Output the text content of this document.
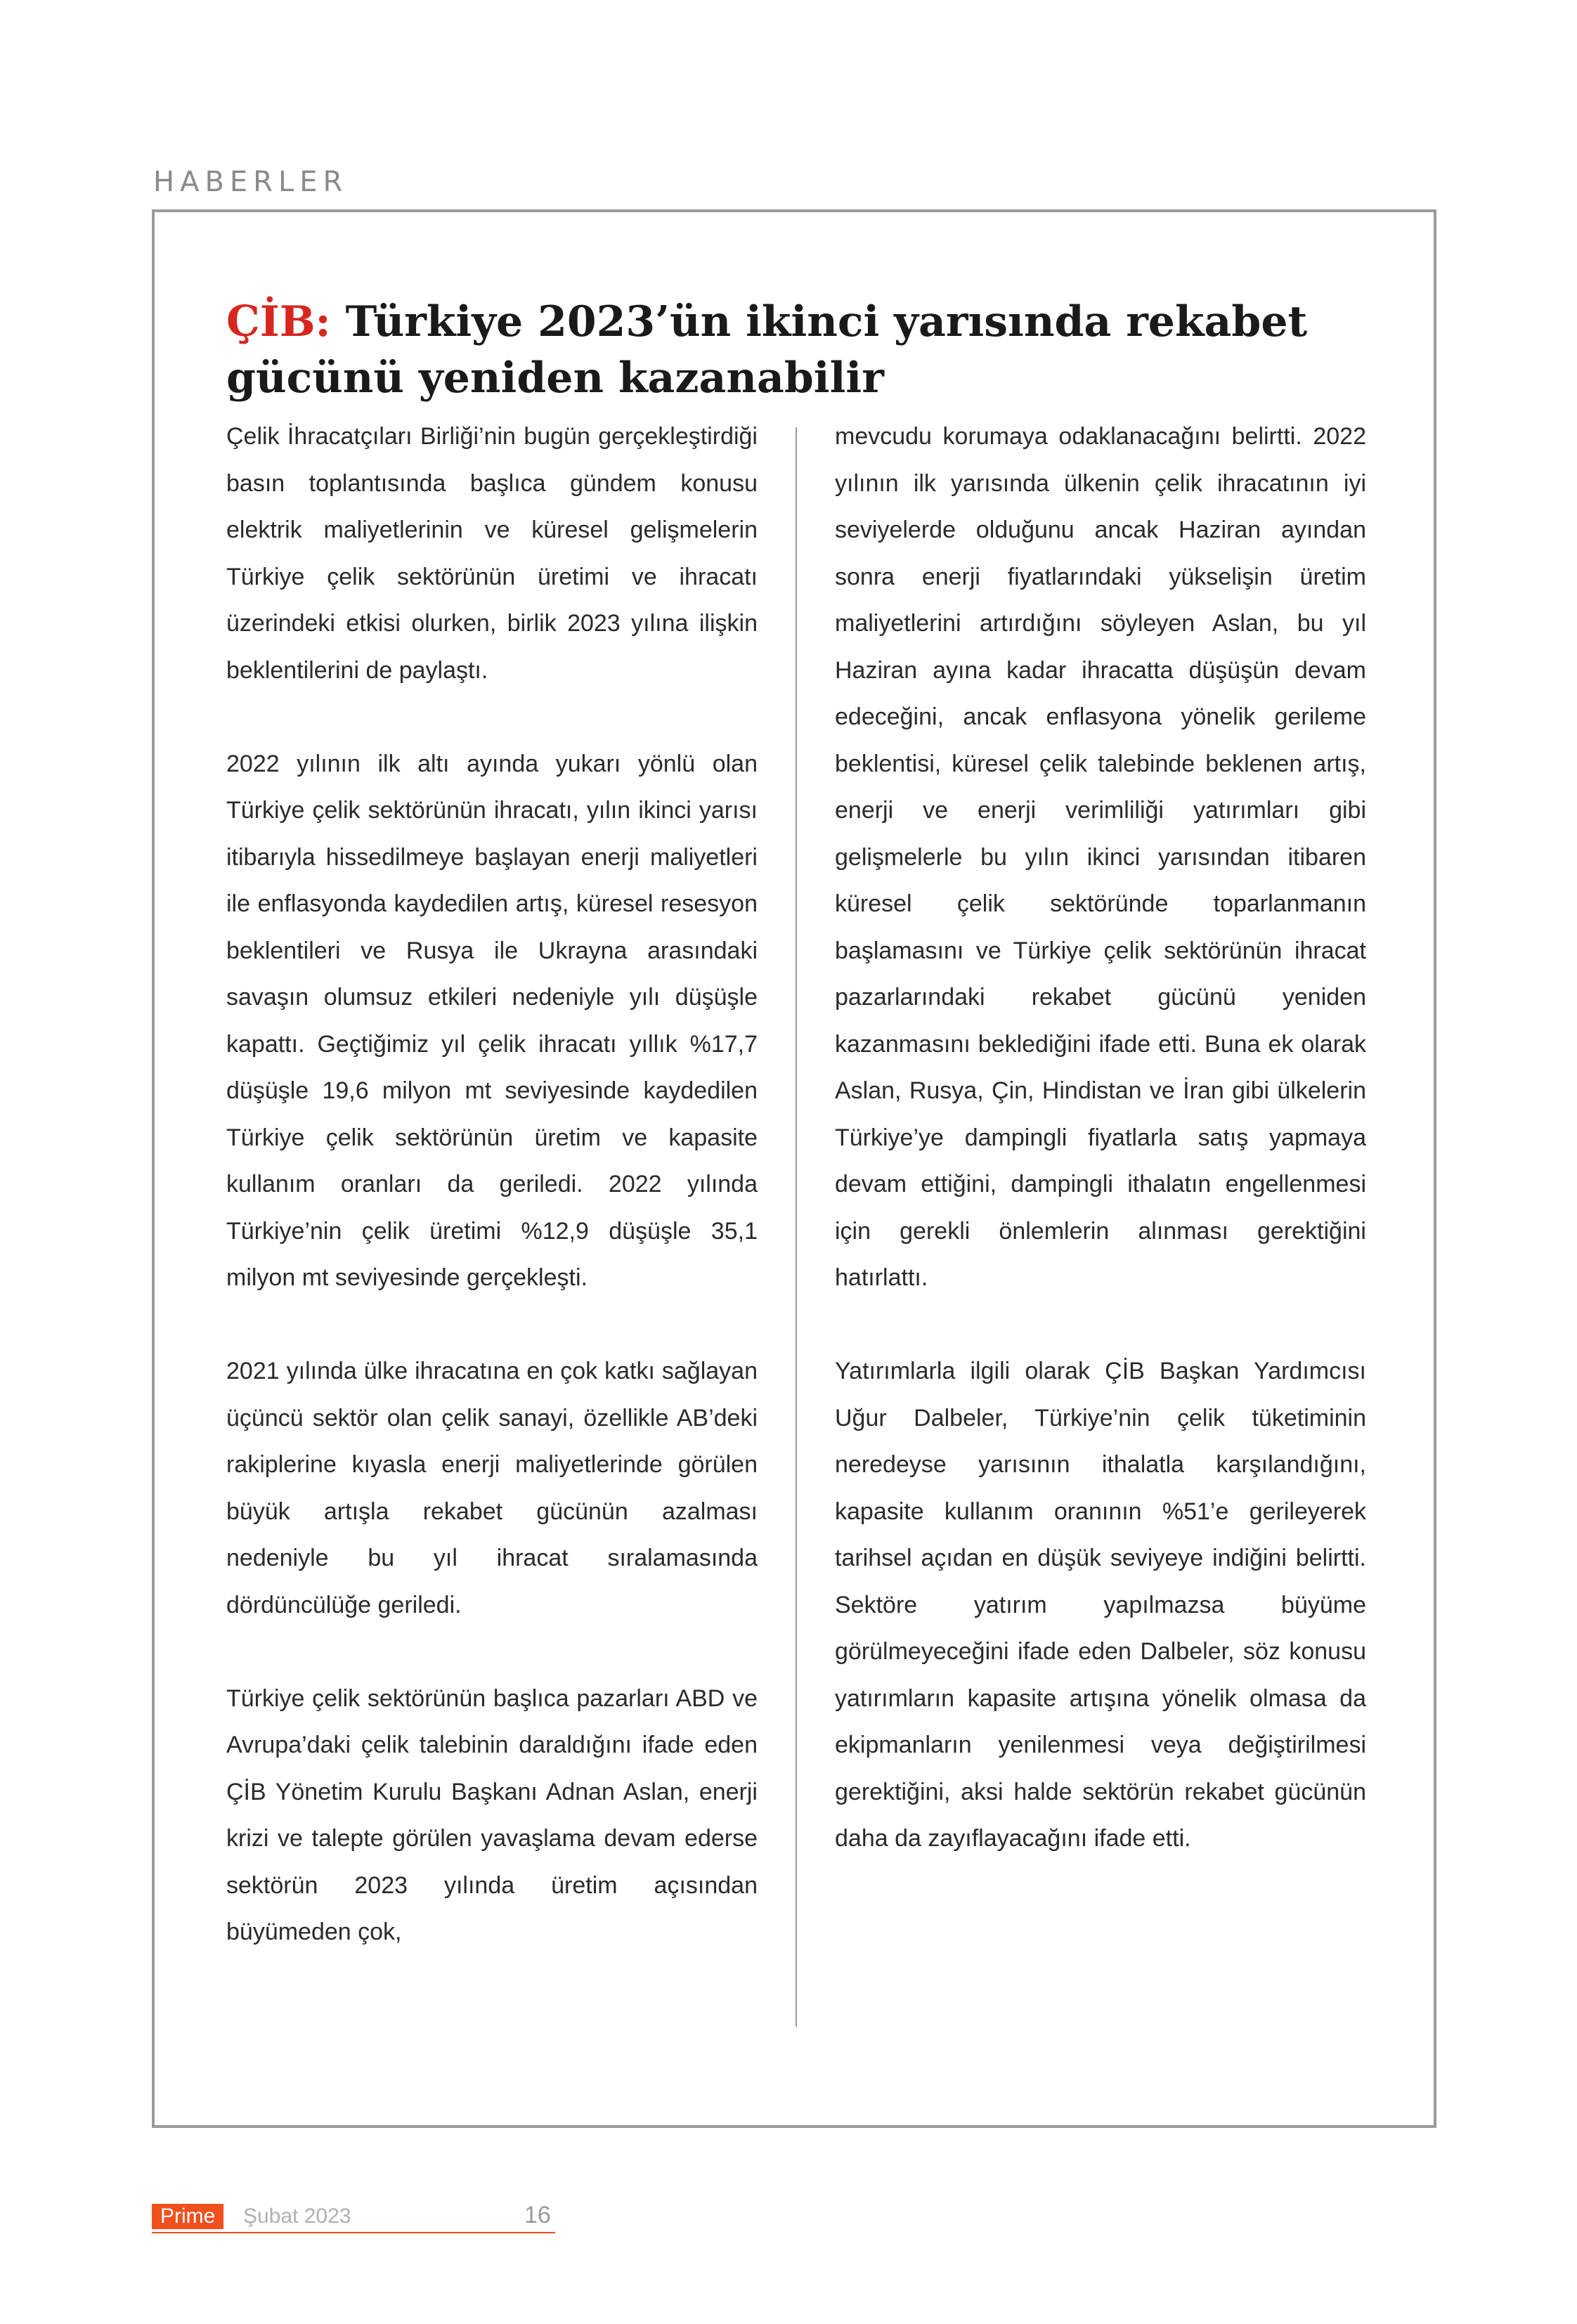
HABERLER
ÇİB: Türkiye 2023’ün ikinci yarısında rekabet gücünü yeniden kazanabilir

Çelik İhracatçıları Birliği’nin bugün gerçekleştirdiği basın toplantısında başlıca gündem konusu elektrik maliyetlerinin ve küresel gelişmelerin Türkiye çelik sektörünün üretimi ve ihracatı üzerindeki etkisi olurken, birlik 2023 yılına ilişkin beklentilerini de paylaştı.

2022 yılının ilk altı ayında yukarı yönlü olan Türkiye çelik sektörünün ihracatı, yılın ikinci yarısı itibarıyla hissedilmeye başlayan enerji maliyetleri ile enflasyonda kaydedilen artış, küresel resesyon beklentileri ve Rusya ile Ukrayna arasındaki savaşın olumsuz etkileri nedeniyle yılı düşüşle kapattı. Geçtiğimiz yıl çelik ihracatı yıllık %17,7 düşüşle 19,6 milyon mt seviyesinde kaydedilen Türkiye çelik sektörünün üretim ve kapasite kullanım oranları da geriledi. 2022 yılında Türkiye’nin çelik üretimi %12,9 düşüşle 35,1 milyon mt seviyesinde gerçekleşti.

2021 yılında ülke ihracatına en çok katkı sağlayan üçüncü sektör olan çelik sanayi, özellikle AB’deki rakiplerine kıyasla enerji maliyetlerinde görülen büyük artışla rekabet gücünün azalması nedeniyle bu yıl ihracat sıralamasında dördüncülüğe geriledi.

Türkiye çelik sektörünün başlıca pazarları ABD ve Avrupa’daki çelik talebinin daraldığını ifade eden ÇİB Yönetim Kurulu Başkanı Adnan Aslan, enerji krizi ve talepte görülen yavaşlama devam ederse sektörün 2023 yılında üretim açısından büyümeden çok,

mevcudu korumaya odaklanacağını belirtti. 2022 yılının ilk yarısında ülkenin çelik ihracatının iyi seviyelerde olduğunu ancak Haziran ayından sonra enerji fiyatlarındaki yükselişin üretim maliyetlerini artırdığını söyleyen Aslan, bu yıl Haziran ayına kadar ihracatta düşüşün devam edeceğini, ancak enflasyona yönelik gerileme beklentisi, küresel çelik talebinde beklenen artış, enerji ve enerji verimliliği yatırımları gibi gelişmelerle bu yılın ikinci yarısından itibaren küresel çelik sektöründe toparlanmanın başlamasını ve Türkiye çelik sektörünün ihracat pazarlarındaki rekabet gücünü yeniden kazanmasını beklediğini ifade etti. Buna ek olarak Aslan, Rusya, Çin, Hindistan ve İran gibi ülkelerin Türkiye’ye dampingli fiyatlarla satış yapmaya devam ettiğini, dampingli ithalatın engellenmesi için gerekli önlemlerin alınması gerektiğini hatırlattı.

Yatırımlarla ilgili olarak ÇİB Başkan Yardımcısı Uğur Dalbeler, Türkiye’nin çelik tüketiminin neredeyse yarısının ithalatla karşılandığını, kapasite kullanım oranının %51’e gerileyerek tarihsel açıdan en düşük seviyeye indiğini belirtti. Sektöre yatırım yapılmazsa büyüme görülmeyeceğini ifade eden Dalbeler, söz konusu yatırımların kapasite artışına yönelik olmasa da ekipmanların yenilenmesi veya değiştirilmesi gerektiğini, aksi halde sektörün rekabet gücünün daha da zayıflayacağını ifade etti.

Prime	Şubat 2023	16
